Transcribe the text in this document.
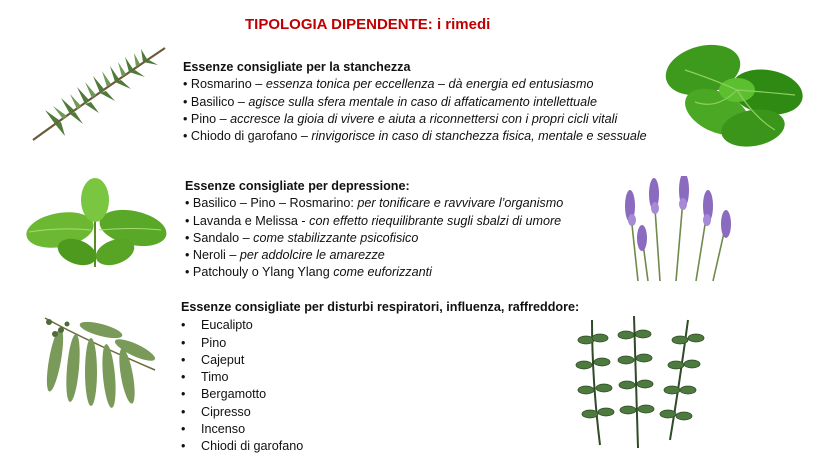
TIPOLOGIA DIPENDENTE: i rimedi
Essenze consigliate per la stanchezza
• Rosmarino – essenza tonica per eccellenza – dà energia ed entusiasmo
• Basilico – agisce sulla sfera mentale in caso di affaticamento intellettuale
• Pino – accresce la gioia di vivere e aiuta a riconnettersi con i propri cicli vitali
• Chiodo di garofano – rinvigorisce in caso di stanchezza fisica, mentale e sessuale
Essenze consigliate per depressione:
• Basilico – Pino – Rosmarino: per tonificare e ravvivare l’organismo
• Lavanda e Melissa - con effetto riequilibrante sugli sbalzi di umore
• Sandalo – come stabilizzante psicofisico
• Neroli – per addolcire le amarezze
• Patchouly o Ylang Ylang come euforizzanti
Essenze consigliate per disturbi respiratori, influenza, raffreddore:
• Eucalipto
• Pino
• Cajeput
• Timo
• Bergamotto
• Cipresso
• Incenso
• Chiodi di garofano
